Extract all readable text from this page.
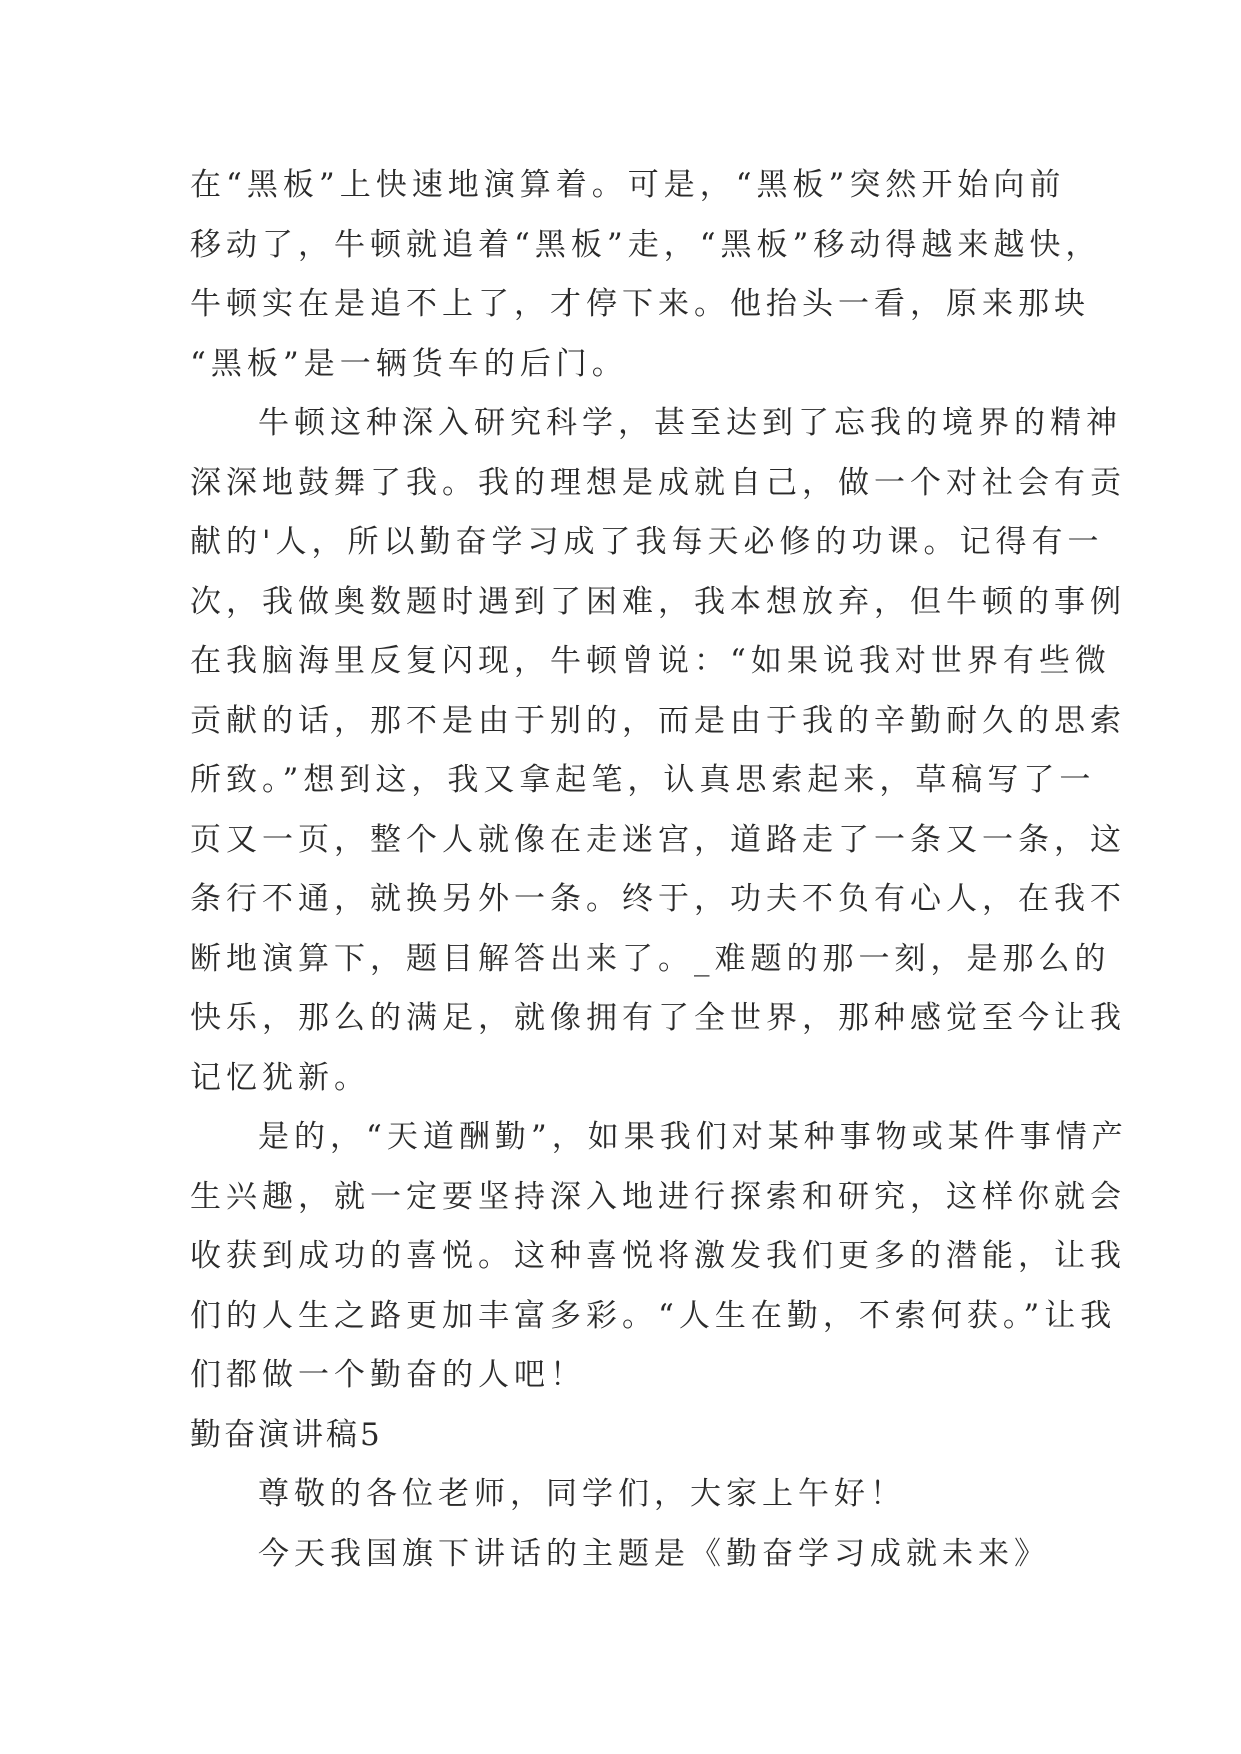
在“黑板”上快速地演算着。可是，“黑板”突然开始向前
移动了，牛顿就追着“黑板”走，“黑板”移动得越来越快，
牛顿实在是追不上了，才停下来。他抬头一看，原来那块
“黑板”是一辆货车的后门。
牛顿这种深入研究科学，甚至达到了忘我的境界的精神
深深地鼓舞了我。我的理想是成就自己，做一个对社会有贡
献的'人，所以勤奋学习成了我每天必修的功课。记得有一
次，我做奥数题时遇到了困难，我本想放弃，但牛顿的事例
在我脑海里反复闪现，牛顿曾说：“如果说我对世界有些微
贡献的话，那不是由于别的，而是由于我的辛勤耐久的思索
所致。”想到这，我又拿起笔，认真思索起来，草稿写了一
页又一页，整个人就像在走迷宫，道路走了一条又一条，这
条行不通，就换另外一条。终于，功夫不负有心人，在我不
断地演算下，题目解答出来了。_难题的那一刻，是那么的
快乐，那么的满足，就像拥有了全世界，那种感觉至今让我
记忆犹新。
是的，“天道酬勤”，如果我们对某种事物或某件事情产
生兴趣，就一定要坚持深入地进行探索和研究，这样你就会
收获到成功的喜悦。这种喜悦将激发我们更多的潜能，让我
们的人生之路更加丰富多彩。“人生在勤，不索何获。”让我
们都做一个勤奋的人吧！
勤奋演讲稿5
尊敬的各位老师，同学们，大家上午好！
今天我国旗下讲话的主题是《勤奋学习成就未来》
